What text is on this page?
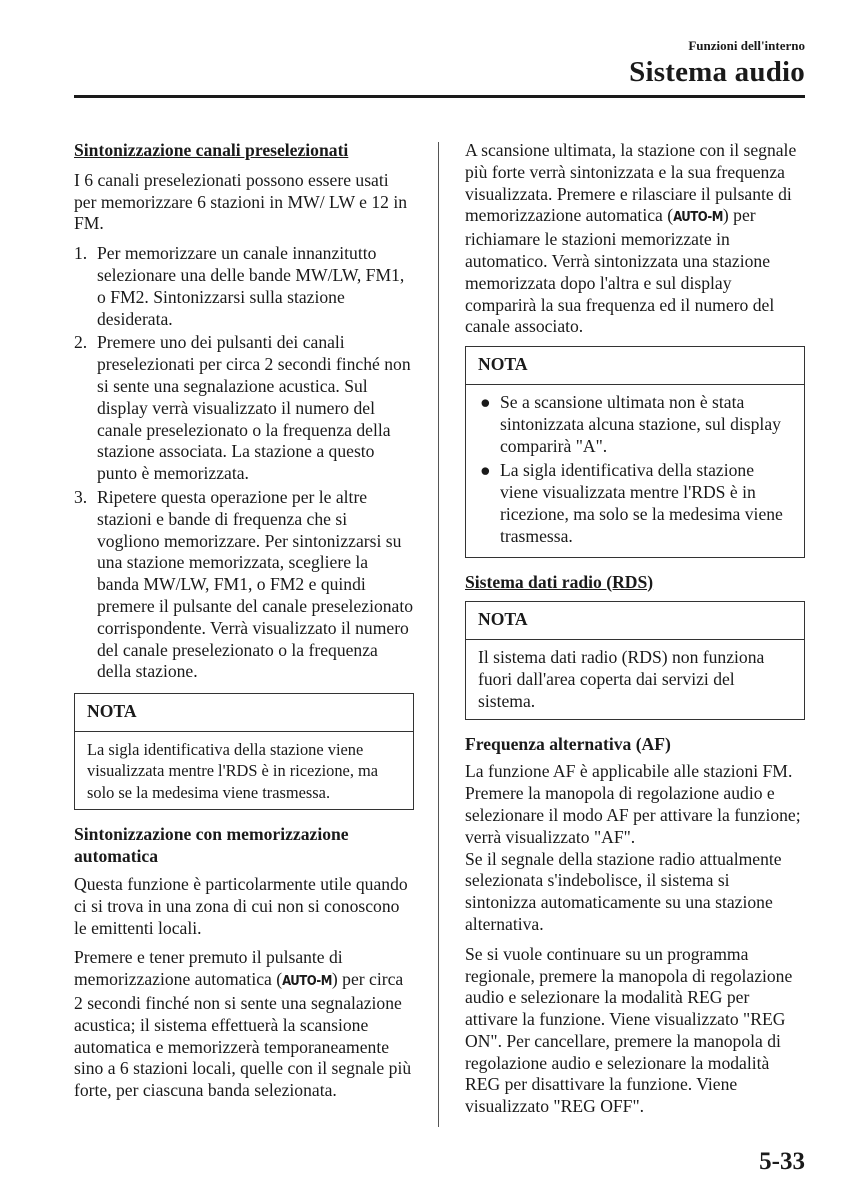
Funzioni dell'interno
Sistema audio
Sintonizzazione canali preselezionati

I 6 canali preselezionati possono essere usati per memorizzare 6 stazioni in MW/ LW e 12 in FM.

1. Per memorizzare un canale innanzitutto selezionare una delle bande MW/LW, FM1, o FM2. Sintonizzarsi sulla stazione desiderata.
2. Premere uno dei pulsanti dei canali preselezionati per circa 2 secondi finché non si sente una segnalazione acustica. Sul display verrà visualizzato il numero del canale preselezionato o la frequenza della stazione associata. La stazione a questo punto è memorizzata.
3. Ripetere questa operazione per le altre stazioni e bande di frequenza che si vogliono memorizzare. Per sintonizzarsi su una stazione memorizzata, scegliere la banda MW/LW, FM1, o FM2 e quindi premere il pulsante del canale preselezionato corrispondente. Verrà visualizzato il numero del canale preselezionato o la frequenza della stazione.
NOTA
La sigla identificativa della stazione viene visualizzata mentre l'RDS è in ricezione, ma solo se la medesima viene trasmessa.
Sintonizzazione con memorizzazione automatica

Questa funzione è particolarmente utile quando ci si trova in una zona di cui non si conoscono le emittenti locali.

Premere e tener premuto il pulsante di memorizzazione automatica (AUTO-M) per circa 2 secondi finché non si sente una segnalazione acustica; il sistema effettuerà la scansione automatica e memorizzerà temporaneamente sino a 6 stazioni locali, quelle con il segnale più forte, per ciascuna banda selezionata.

A scansione ultimata, la stazione con il segnale più forte verrà sintonizzata e la sua frequenza visualizzata. Premere e rilasciare il pulsante di memorizzazione automatica (AUTO-M) per richiamare le stazioni memorizzate in automatico. Verrà sintonizzata una stazione memorizzata dopo l'altra e sul display comparirà la sua frequenza ed il numero del canale associato.

NOTA
● Se a scansione ultimata non è stata sintonizzata alcuna stazione, sul display comparirà "A".
● La sigla identificativa della stazione viene visualizzata mentre l'RDS è in ricezione, ma solo se la medesima viene trasmessa.
Sistema dati radio (RDS)
NOTA
Il sistema dati radio (RDS) non funziona fuori dall'area coperta dai servizi del sistema.
Frequenza alternativa (AF)

La funzione AF è applicabile alle stazioni FM. Premere la manopola di regolazione audio e selezionare il modo AF per attivare la funzione; verrà visualizzato "AF".

Se il segnale della stazione radio attualmente selezionata s'indebolisce, il sistema si sintonizza automaticamente su una stazione alternativa.

Se si vuole continuare su un programma regionale, premere la manopola di regolazione audio e selezionare la modalità REG per attivare la funzione. Viene visualizzato "REG ON". Per cancellare, premere la manopola di regolazione audio e selezionare la modalità REG per disattivare la funzione. Viene visualizzato "REG OFF".

5-33
